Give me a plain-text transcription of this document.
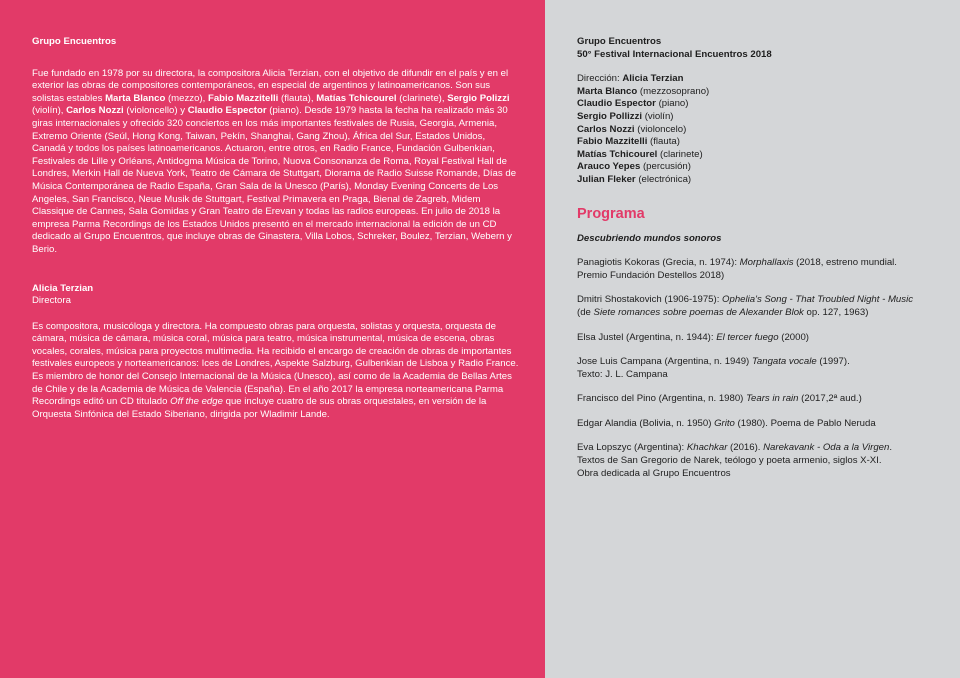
Grupo Encuentros

Fue fundado en 1978 por su directora, la compositora Alicia Terzian, con el objetivo de difundir en el país y en el exterior las obras de compositores contemporáneos, en especial de argentinos y latinoamericanos. Son sus solistas estables Marta Blanco (mezzo), Fabio Mazzitelli (flauta), Matías Tchicourel (clarinete), Sergio Polizzi (violín), Carlos Nozzi (violoncello) y Claudio Espector (piano). Desde 1979 hasta la fecha ha realizado más 30 giras internacionales y ofrecido 320 conciertos en los más importantes festivales de Rusia, Georgia, Armenia, Extremo Oriente (Seúl, Hong Kong, Taiwan, Pekín, Shanghai, Gang Zhou), África del Sur, Estados Unidos, Canadá y todos los países latinoamericanos. Actuaron, entre otros, en Radio France, Fundación Gulbenkian, Festivales de Lille y Orléans, Antidogma Música de Torino, Nuova Consonanza de Roma, Royal Festival Hall de Londres, Merkin Hall de Nueva York, Teatro de Cámara de Stuttgart, Diorama de Radio Suisse Romande, Días de Música Contemporánea de Radio España, Gran Sala de la Unesco (París), Monday Evening Concerts de Los Angeles, San Francisco, Neue Musik de Stuttgart, Festival Primavera en Praga, Bienal de Zagreb, Midem Classique de Cannes, Sala Gomidas y Gran Teatro de Erevan y todas las radios europeas. En julio de 2018 la empresa Parma Recordings de los Estados Unidos presentó en el mercado internacional la edición de un CD dedicado al Grupo Encuentros, que incluye obras de Ginastera, Villa Lobos, Schreker, Boulez, Terzian, Webern y Berio.

Alicia Terzian

Directora

Es compositora, musicóloga y directora. Ha compuesto obras para orquesta, solistas y orquesta, orquesta de cámara, música de cámara, música coral, música para teatro, música instrumental, música de escena, obras vocales, corales, música para proyectos multimedia. Ha recibido el encargo de creación de obras de importantes festivales europeos y norteamericanos: Ices de Londres, Aspekte Salzburg, Gulbenkian de Lisboa y Radio France. Es miembro de honor del Consejo Internacional de la Música (Unesco), así como de la Academia de Bellas Artes de Chile y de la Academia de Música de Valencia (España). En el año 2017 la empresa norteamericana Parma Recordings editó un CD titulado Off the edge que incluye cuatro de sus obras orquestales, en versión de la Orquesta Sinfónica del Estado Siberiano, dirigida por Wladimir Lande.

Grupo Encuentros

50° Festival Internacional Encuentros 2018

Dirección: Alicia Terzian
Marta Blanco (mezzosoprano)
Claudio Espector (piano)
Sergio Pollizzi (violín)
Carlos Nozzi (violoncelo)
Fabio Mazzitelli (flauta)
Matías Tchicourel (clarinete)
Arauco Yepes (percusión)
Julian Fleker (electrónica)

Programa

Descubriendo mundos sonoros

Panagiotis Kokoras (Grecia, n. 1974): Morphallaxis (2018, estreno mundial.
Premio Fundación Destellos 2018)
Dmitri Shostakovich (1906-1975): Ophelia's Song - That Troubled Night - Music
(de Siete romances sobre poemas de Alexander Blok op. 127, 1963)
Elsa Justel (Argentina, n. 1944): El tercer fuego (2000)
Jose Luis Campana (Argentina, n. 1949) Tangata vocale (1997).
Texto: J. L. Campana
Francisco del Pino (Argentina, n. 1980) Tears in rain (2017,2ª aud.)
Edgar Alandia (Bolivia, n. 1950) Grito (1980). Poema de Pablo Neruda
Eva Lopszyc (Argentina): Khachkar (2016). Narekavank - Oda a la Virgen.
Textos de San Gregorio de Narek, teólogo y poeta armenio, siglos X-XI.
Obra dedicada al Grupo Encuentros
